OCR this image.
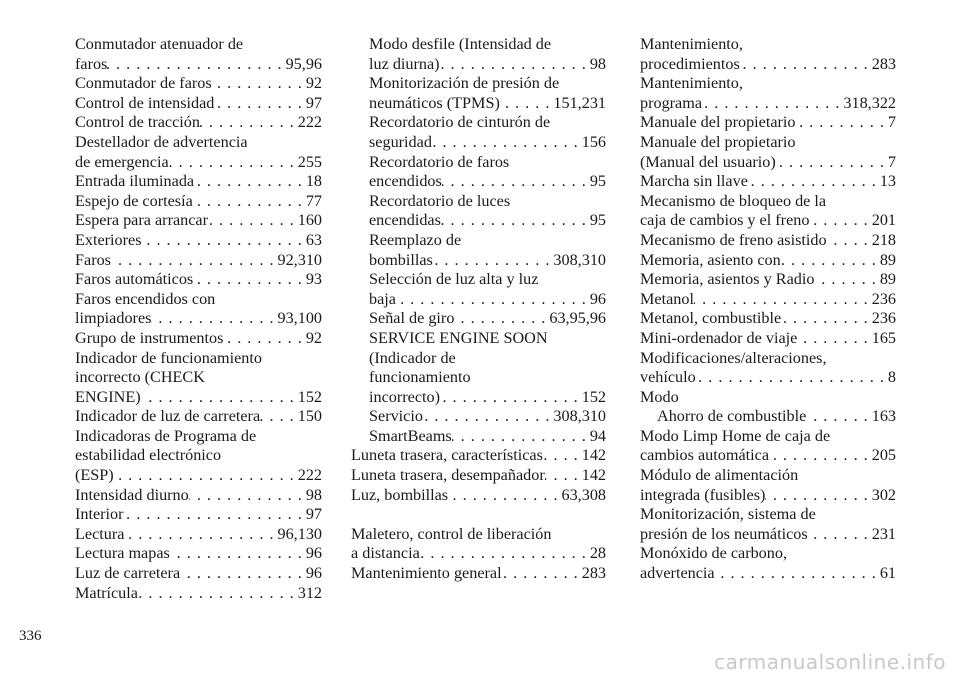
Conmutador atenuador de
faros . . .	95,96
Conmutador de faros . . .	92
Control de intensidad . . .	97
Control de tracción . . .	222
Destellador de advertencia
de emergencia . . .	255
Entrada iluminada . . .	18
Espejo de cortesía . . .	77
Espera para arrancar . . .	160
Exteriores . . .	63
Faros . . .	92,310
Faros automáticos . . .	93
Faros encendidos con
limpiadores . . .	93,100
Grupo de instrumentos . . .	92
Indicador de funcionamiento
incorrecto (CHECK
ENGINE) . . .	152
Indicador de luz de carretera . . . 150
Indicadoras de Programa de
estabilidad electrónico
(ESP) . . .	222
Intensidad diurno . . .	98
Interior . . .	97
Lectura . . .	96,130
Lectura mapas . . .	96
Luz de carretera . . .	96
Matrícula . . .	312
Modo desfile (Intensidad de
luz diurna) . . .	98
Monitorización de presión de
neumáticos (TPMS) . . .	151,231
Recordatorio de cinturón de
seguridad . . .	156
Recordatorio de faros
encendidos . . .	95
Recordatorio de luces
encendidas . . .	95
Reemplazo de
bombillas . . .	308,310
Selección de luz alta y luz
baja . . .	96
Señal de giro . . .	63,95,96
SERVICE ENGINE SOON
(Indicador de
funcionamiento
incorrecto) . . .	152
Servicio . . .	308,310
SmartBeams . . .	94
Luneta trasera, características . . . 142
Luneta trasera, desempañador . . . 142
Luz, bombillas . . .	63,308
Maletero, control de liberación
a distancia . . .	28
Mantenimiento general . . .	283
Mantenimiento,
procedimientos . . .	283
Mantenimiento,
programa . . .	318,322
Manuale del propietario . . .	7
Manuale del propietario
(Manual del usuario) . . .	7
Marcha sin llave . . .	13
Mecanismo de bloqueo de la
caja de cambios y el freno . . .	201
Mecanismo de freno asistido . . .	218
Memoria, asiento con . . .	89
Memoria, asientos y Radio . . .	89
Metanol . . .	236
Metanol, combustible . . .	236
Mini-ordenador de viaje . . .	165
Modificaciones/alteraciones,
vehículo . . .	8
Modo
Ahorro de combustible . . .	163
Modo Limp Home de caja de
cambios automática . . .	205
Módulo de alimentación
integrada (fusibles) . . .	302
Monitorización, sistema de
presión de los neumáticos . . .	231
Monóxido de carbono,
advertencia . . .	61
336
carmanualsonline.info
